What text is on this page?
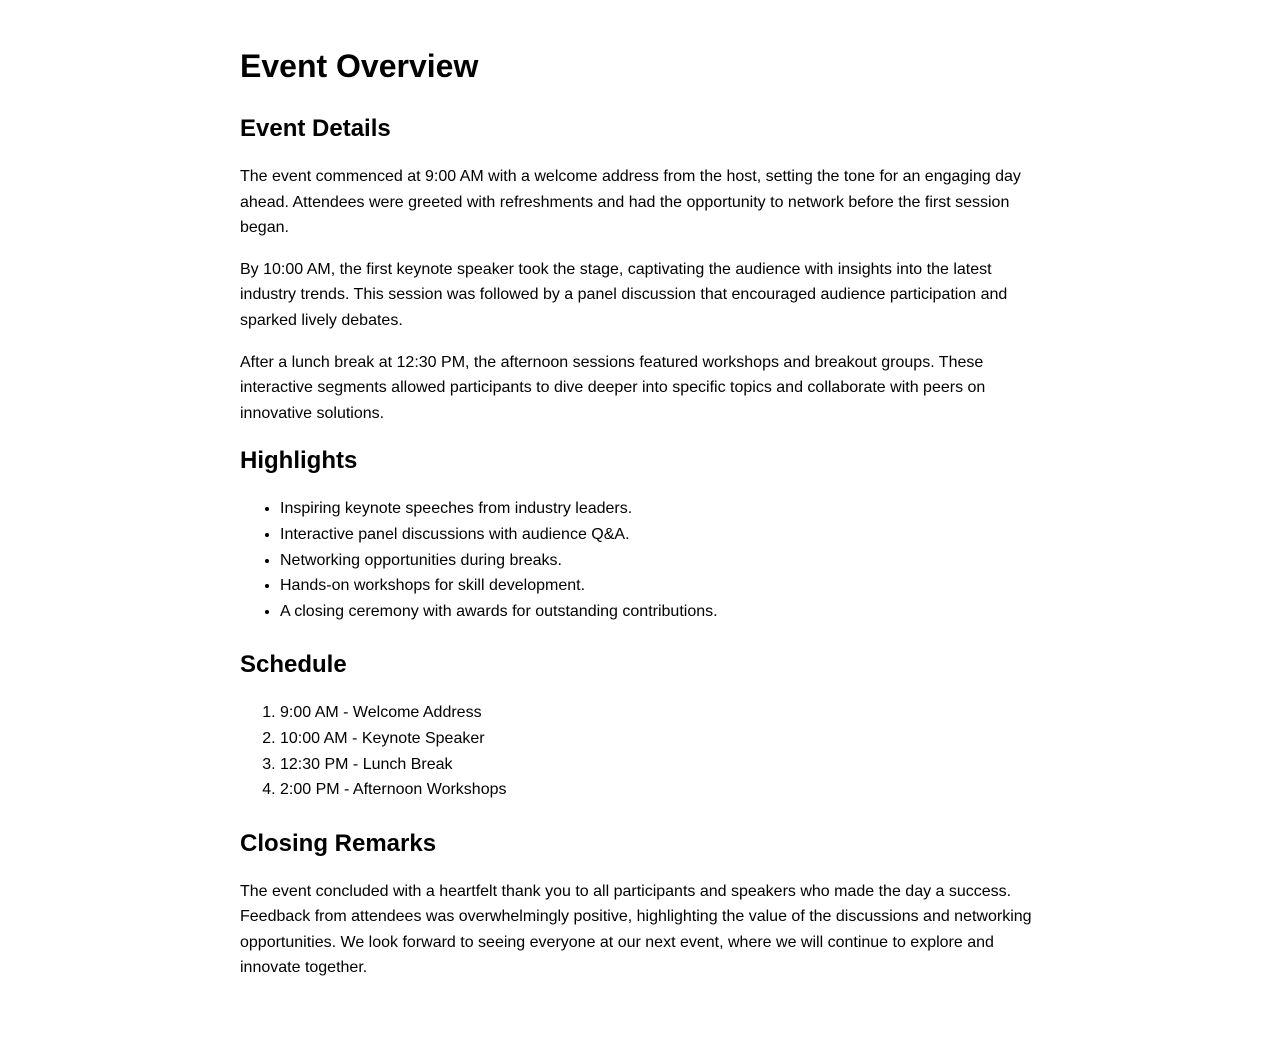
Event Overview
Event Details

The event commenced at 9:00 AM with a welcome address from the host, setting the tone for an engaging day ahead. Attendees were greeted with refreshments and had the opportunity to network before the first session began.

By 10:00 AM, the first keynote speaker took the stage, captivating the audience with insights into the latest industry trends. This session was followed by a panel discussion that encouraged audience participation and sparked lively debates.

After a lunch break at 12:30 PM, the afternoon sessions featured workshops and breakout groups. These interactive segments allowed participants to dive deeper into specific topics and collaborate with peers on innovative solutions.

Highlights
• Inspiring keynote speeches from industry leaders.
• Interactive panel discussions with audience Q&A.
• Networking opportunities during breaks.
• Hands-on workshops for skill development.
• A closing ceremony with awards for outstanding contributions.
Schedule
1. 9:00 AM - Welcome Address
2. 10:00 AM - Keynote Speaker
3. 12:30 PM - Lunch Break
4. 2:00 PM - Afternoon Workshops
Closing Remarks

The event concluded with a heartfelt thank you to all participants and speakers who made the day a success. Feedback from attendees was overwhelmingly positive, highlighting the value of the discussions and networking opportunities. We look forward to seeing everyone at our next event, where we will continue to explore and innovate together.
